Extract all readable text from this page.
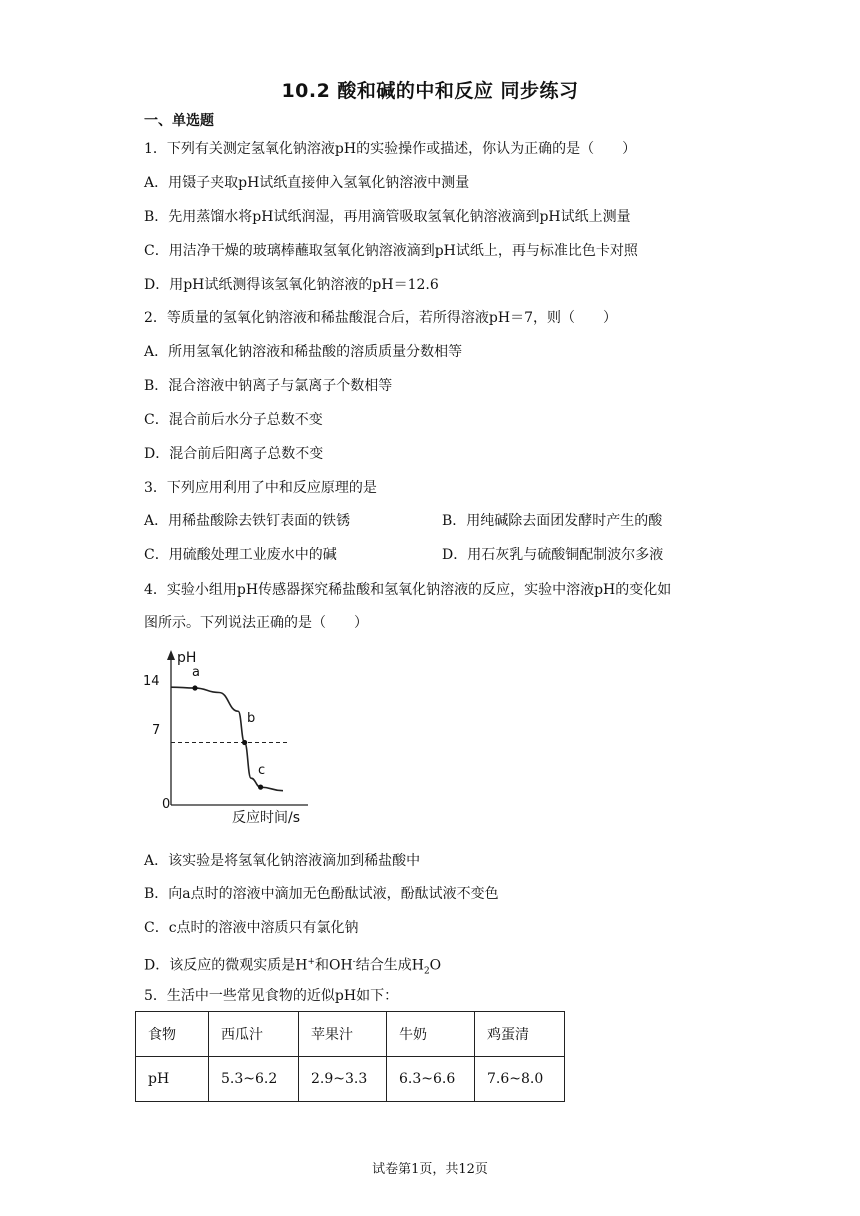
10.2 酸和碱的中和反应 同步练习
一、单选题
1．下列有关测定氢氧化钠溶液pH的实验操作或描述，你认为正确的是（　　）
A．用镊子夹取pH试纸直接伸入氢氧化钠溶液中测量
B．先用蒸馏水将pH试纸润湿，再用滴管吸取氢氧化钠溶液滴到pH试纸上测量
C．用洁净干燥的玻璃棒蘸取氢氧化钠溶液滴到pH试纸上，再与标准比色卡对照
D．用pH试纸测得该氢氧化钠溶液的pH＝12.6
2．等质量的氢氧化钠溶液和稀盐酸混合后，若所得溶液pH＝7，则（　　）
A．所用氢氧化钠溶液和稀盐酸的溶质质量分数相等
B．混合溶液中钠离子与氯离子个数相等
C．混合前后水分子总数不变
D．混合前后阳离子总数不变
3．下列应用利用了中和反应原理的是
A．用稀盐酸除去铁钉表面的铁锈	B．用纯碱除去面团发酵时产生的酸
C．用硫酸处理工业废水中的碱	D．用石灰乳与硫酸铜配制波尔多液
4．实验小组用pH传感器探究稀盐酸和氢氧化钠溶液的反应，实验中溶液pH的变化如
图所示。下列说法正确的是（　　）
pH
14
7
0
a
b
c
反应时间/s
A．该实验是将氢氧化钠溶液滴加到稀盐酸中
B．向a点时的溶液中滴加无色酚酞试液，酚酞试液不变色
C．c点时的溶液中溶质只有氯化钠
D．该反应的微观实质是H+和OH-结合生成$H_2O$
5．生活中一些常见食物的近似pH如下：
食物	西瓜汁	苹果汁	牛奶	鸡蛋清
pH	5.3~6.2	2.9~3.3	6.3~6.6	7.6~8.0
试卷第1页，共12页
